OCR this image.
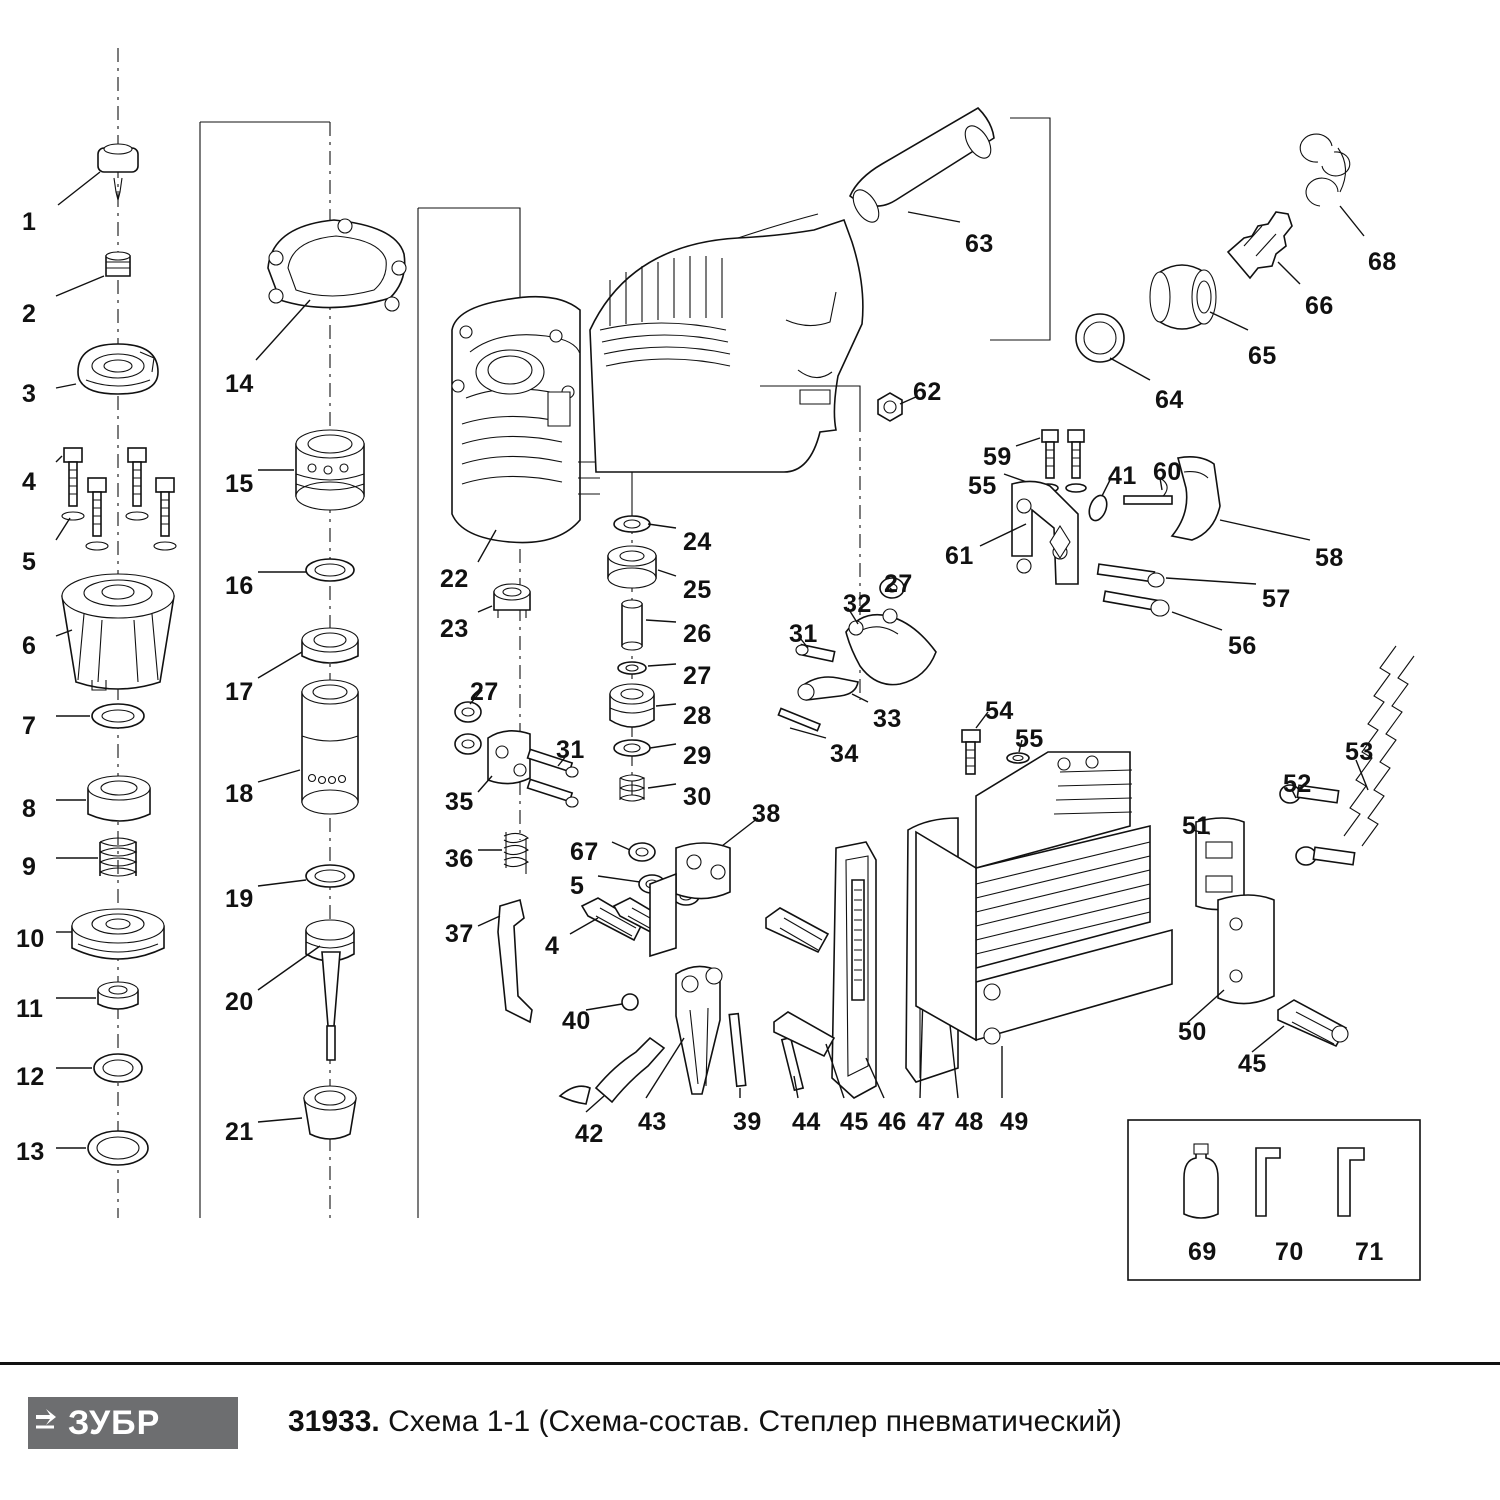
1
2
3
4
5
6
7
8
9
10
11
12
13
14
15
16
17
18
19
20
21
22
23
24
25
26
27
28
29
30
27
31
35
36
37
67
5
4
38
31
32
27
33
34
40
42 43	39 44 45 46 47 48 49
50
45
51
52
53
54
55
56
57
58
59
55	60
41
61
62
63
64
65
66
68
69 70 71
ЗУБР	31933. Схема 1-1 (Схема-состав. Степлер пневматический)
